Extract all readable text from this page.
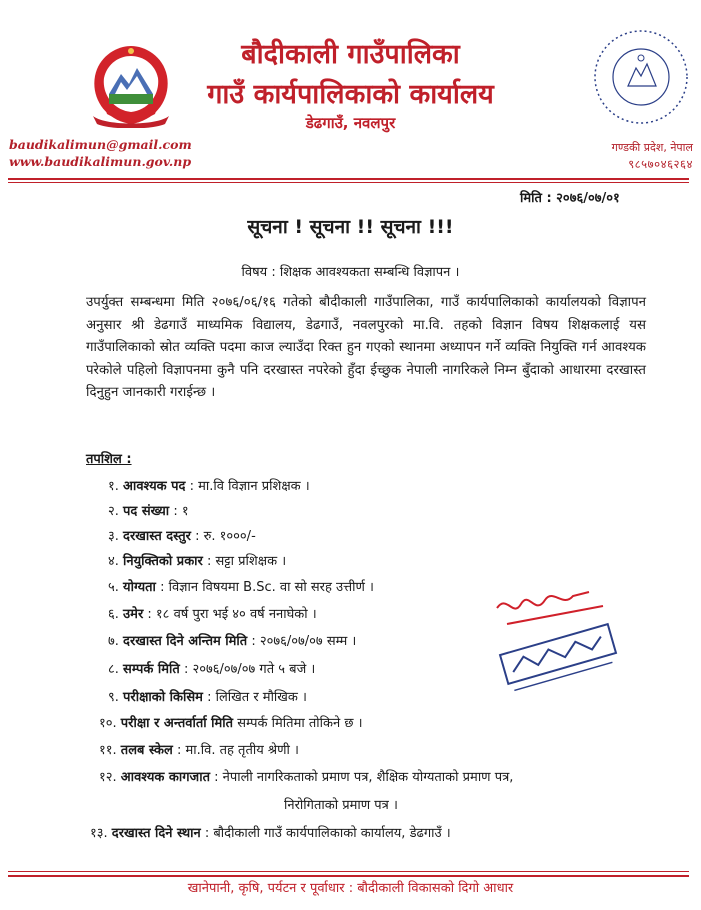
बौदीकाली गाउँपालिका
गाउँ कार्यपालिकाको कार्यालय
डेढगाउँ, नवलपुर
baudikalimun@gmail.com
www.baudikalimun.gov.np
गण्डकी प्रदेश, नेपाल
९८५७०४६२६४
मिति : २०७६/०७/०१
सूचना ! सूचना !! सूचना !!!
विषय : शिक्षक आवश्यकता सम्बन्धि विज्ञापन ।
उपर्युक्त सम्बन्धमा मिति २०७६/०६/१६ गतेको बौदीकाली गाउँपालिका, गाउँ कार्यपालिकाको कार्यालयको विज्ञापन अनुसार श्री डेढगाउँ माध्यमिक विद्यालय, डेढगाउँ, नवलपुरको मा.वि. तहको विज्ञान विषय शिक्षकलाई यस गाउँपालिकाको स्रोत व्यक्ति पदमा काज ल्याउँदा रिक्त हुन गएको स्थानमा अध्यापन गर्ने व्यक्ति नियुक्ति गर्न आवश्यक परेकोले पहिलो विज्ञापनमा कुनै पनि दरखास्त नपरेको हुँदा ईच्छुक नेपाली नागरिकले निम्न बुँदाको आधारमा दरखास्त दिनुहुन जानकारी गराईन्छ ।
तपशिल :
१. आवश्यक पद : मा.वि विज्ञान प्रशिक्षक ।
२. पद संख्या : १
३. दरखास्त दस्तुर : रु. १०००/-
४. नियुक्तिको प्रकार : सट्टा प्रशिक्षक ।
५. योग्यता : विज्ञान विषयमा B.Sc. वा सो सरह उत्तीर्ण ।
६. उमेर : १८ वर्ष पुरा भई ४० वर्ष ननाघेको ।
७. दरखास्त दिने अन्तिम मिति : २०७६/०७/०७ सम्म ।
८. सम्पर्क मिति : २०७६/०७/०७ गते ५ बजे ।
९. परीक्षाको किसिम : लिखित र मौखिक ।
१०. परीक्षा र अन्तर्वार्ता मिति सम्पर्क मितिमा तोकिने छ ।
११. तलब स्केल : मा.वि. तह तृतीय श्रेणी ।
१२. आवश्यक कागजात : नेपाली नागरिकताको प्रमाण पत्र, शैक्षिक योग्यताको प्रमाण पत्र,
निरोगिताको प्रमाण पत्र ।
१३. दरखास्त दिने स्थान : बौदीकाली गाउँ कार्यपालिकाको कार्यालय, डेढगाउँ ।
खानेपानी, कृषि, पर्यटन र पूर्वाधार : बौदीकाली विकासको दिगो आधार
